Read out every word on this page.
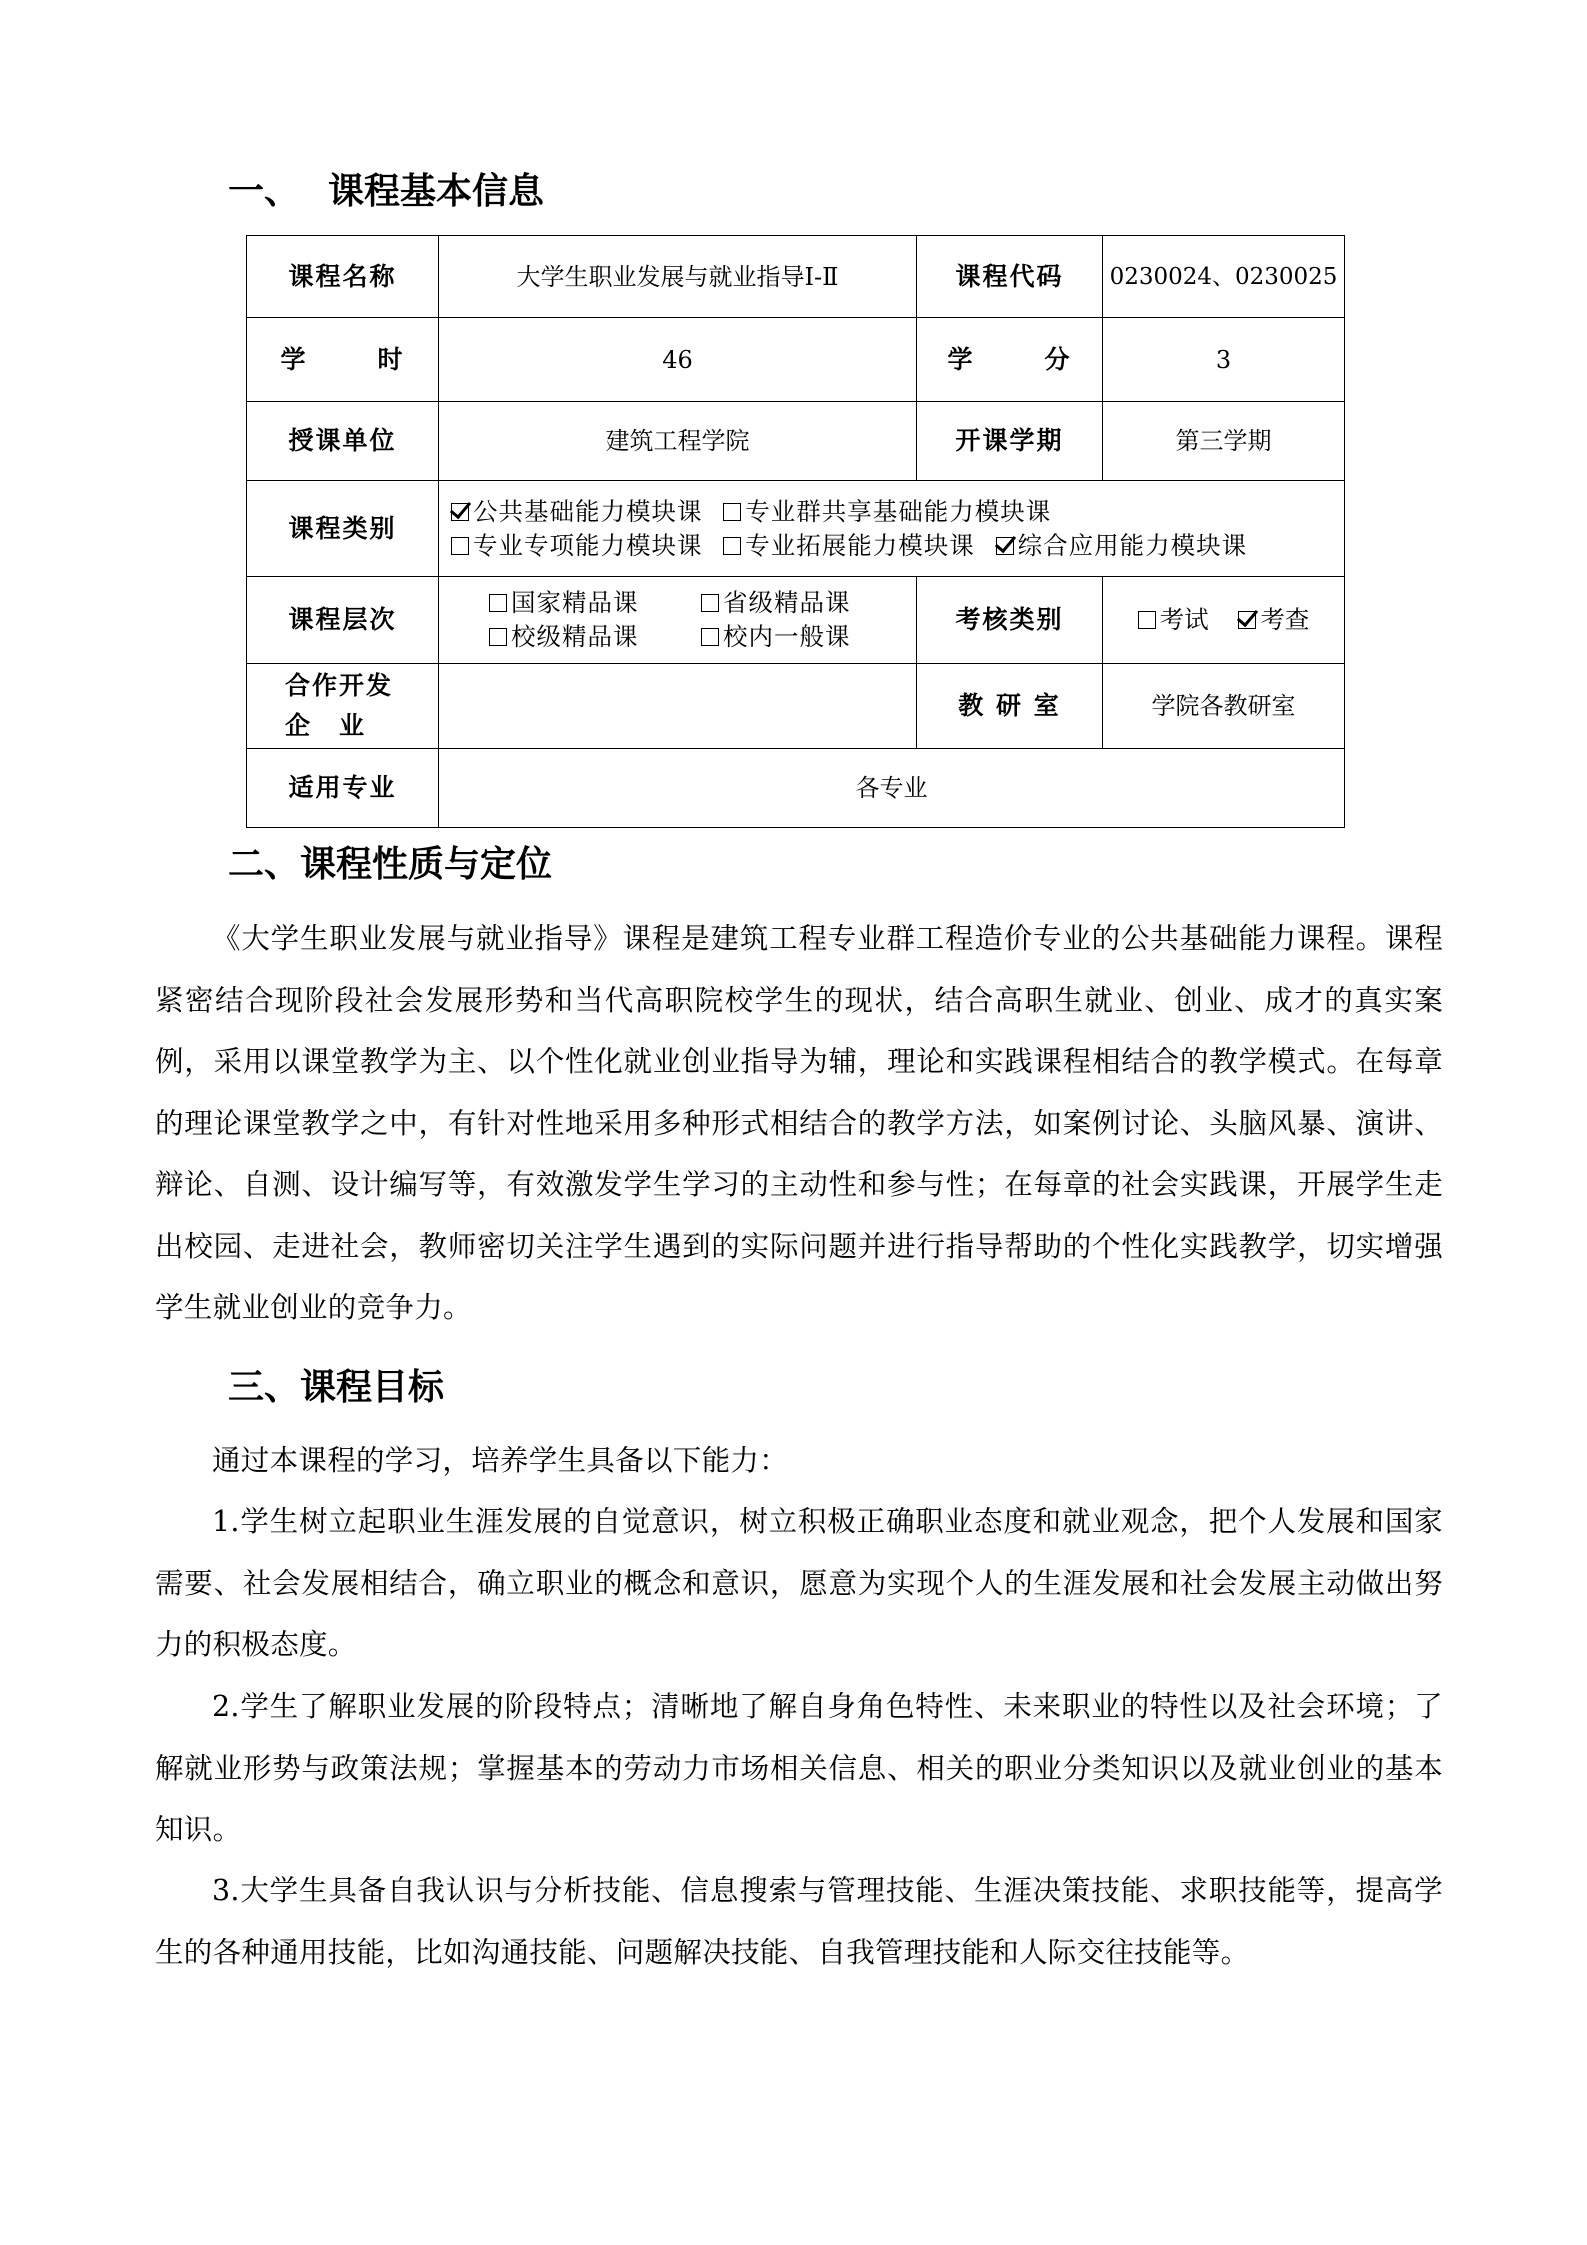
一、 课程基本信息
课程名称	大学生职业发展与就业指导Ⅰ-Ⅱ	课程代码	0230024、0230025
学 时	46	学 分	3
授课单位	建筑工程学院	开课学期	第三学期
课程类别	公共基础能力模块课 专业群共享基础能力模块课
专业专项能力模块课 专业拓展能力模块课 综合应用能力模块课		

课程层次	国家精品课 省级精品课
校级精品课 校内一般课	考核类别	考试 考查

合作开发
企　业		教 研 室	学院各教研室
适用专业	各专业		
二、课程性质与定位

《大学生职业发展与就业指导》课程是建筑工程专业群工程造价专业的公共基础能力课程。课程紧密结合现阶段社会发展形势和当代高职院校学生的现状，结合高职生就业、创业、成才的真实案例，采用以课堂教学为主、以个性化就业创业指导为辅，理论和实践课程相结合的教学模式。在每章的理论课堂教学之中，有针对性地采用多种形式相结合的教学方法，如案例讨论、头脑风暴、演讲、辩论、自测、设计编写等，有效激发学生学习的主动性和参与性；在每章的社会实践课，开展学生走出校园、走进社会，教师密切关注学生遇到的实际问题并进行指导帮助的个性化实践教学，切实增强学生就业创业的竞争力。

三、课程目标

通过本课程的学习，培养学生具备以下能力：

1.学生树立起职业生涯发展的自觉意识，树立积极正确职业态度和就业观念，把个人发展和国家需要、社会发展相结合，确立职业的概念和意识，愿意为实现个人的生涯发展和社会发展主动做出努力的积极态度。

2.学生了解职业发展的阶段特点；清晰地了解自身角色特性、未来职业的特性以及社会环境；了解就业形势与政策法规；掌握基本的劳动力市场相关信息、相关的职业分类知识以及就业创业的基本知识。

3.大学生具备自我认识与分析技能、信息搜索与管理技能、生涯决策技能、求职技能等，提高学生的各种通用技能，比如沟通技能、问题解决技能、自我管理技能和人际交往技能等。
